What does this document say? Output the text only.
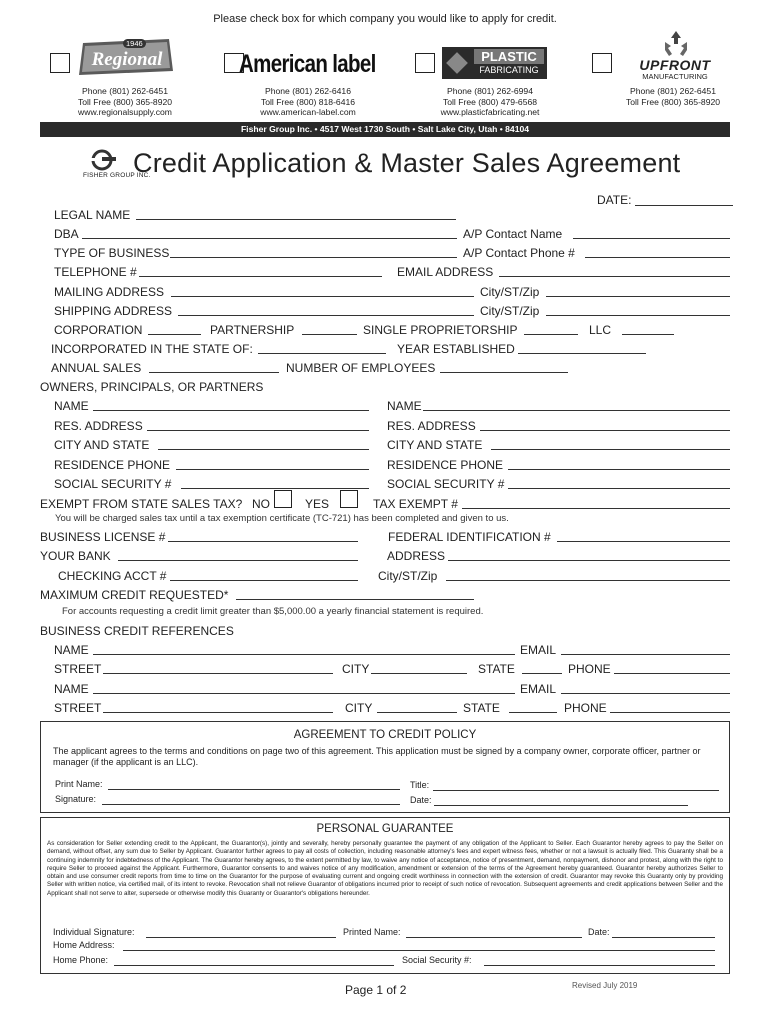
Please check box for which company you would like to apply for credit.
Regional
1946
Phone (801) 262-6451
Toll Free (800) 365-8920
www.regionalsupply.com
American label
Phone (801) 262-6416
Toll Free (800) 818-6416
www.american-label.com
PLASTIC
FABRICATING
Phone (801) 262-6994
Toll Free (800) 479-6568
www.plasticfabricating.net
UPFRONT
MANUFACTURING
Phone (801) 262-6451
Toll Free (800) 365-8920
Fisher Group Inc. • 4517 West 1730 South • Salt Lake City, Utah • 84104
FISHER GROUP INC.
Credit Application & Master Sales Agreement
DATE:
LEGAL NAME
DBA	A/P Contact Name
TYPE OF BUSINESS	A/P Contact Phone #
TELEPHONE #	EMAIL ADDRESS
MAILING ADDRESS	City/ST/Zip
SHIPPING ADDRESS	City/ST/Zip
CORPORATION	PARTNERSHIP	SINGLE PROPRIETORSHIP	LLC
INCORPORATED IN THE STATE OF:	YEAR ESTABLISHED
ANNUAL SALES	NUMBER OF EMPLOYEES
OWNERS, PRINCIPALS, OR PARTNERS
NAME	NAME
RES. ADDRESS	RES. ADDRESS
CITY AND STATE	CITY AND STATE
RESIDENCE PHONE	RESIDENCE PHONE
SOCIAL SECURITY #	SOCIAL SECURITY #
EXEMPT FROM STATE SALES TAX? NO	YES	TAX EXEMPT #
You will be charged sales tax until a tax exemption certificate (TC-721) has been completed and given to us.
BUSINESS LICENSE #	FEDERAL IDENTIFICATION #
YOUR BANK	ADDRESS
CHECKING ACCT #	City/ST/Zip
MAXIMUM CREDIT REQUESTED*
For accounts requesting a credit limit greater than $5,000.00 a yearly financial statement is required.
BUSINESS CREDIT REFERENCES
NAME	EMAIL
STREET	CITY	STATE	PHONE
NAME	EMAIL
STREET	CITY	STATE	PHONE
AGREEMENT TO CREDIT POLICY
The applicant agrees to the terms and conditions on page two of this agreement. This application must be signed by a company owner, corporate officer, partner or manager (if the applicant is an LLC).
Print Name:	Title:
Signature:	Date:
PERSONAL GUARANTEE
As consideration for Seller extending credit to the Applicant, the Guarantor(s), jointly and severally, hereby personally guarantee the payment of any obligation of the Applicant to Seller. Each Guarantor hereby agrees to pay the Seller on demand, without offset, any sum due to Seller by Applicant. Guarantor further agrees to pay all costs of collection, including reasonable attorney's fees and expert witness fees, whether or not a lawsuit is actually filed. This Guaranty shall be a continuing indemnity for indebtedness of the Applicant. The Guarantor hereby agrees, to the extent permitted by law, to waive any notice of acceptance, notice of presentment, demand, nonpayment, dishonor and protest, along with the right to require Seller to proceed against the Applicant. Furthermore, Guarantor consents to and waives notice of any modification, amendment or extension of the terms of the Agreement hereby guaranteed. Guarantor hereby authorizes Seller to obtain and use consumer credit reports from time to time on the Guarantor for the purpose of evaluating current and ongoing credit worthiness in connection with the extension of credit. Guarantor may revoke this Guaranty only by providing Seller with written notice, via certified mail, of its intent to revoke. Revocation shall not relieve Guarantor of obligations incurred prior to receipt of such notice of revocation. Subsequent agreements and credit applications between Seller and the Applicant shall not serve to alter, supersede or otherwise modify this Guaranty or Guarantor's obligations hereunder.
Individual Signature:	Printed Name:	Date:
Home Address:
Home Phone:	Social Security #:
Page 1 of 2	Revised July 2019
